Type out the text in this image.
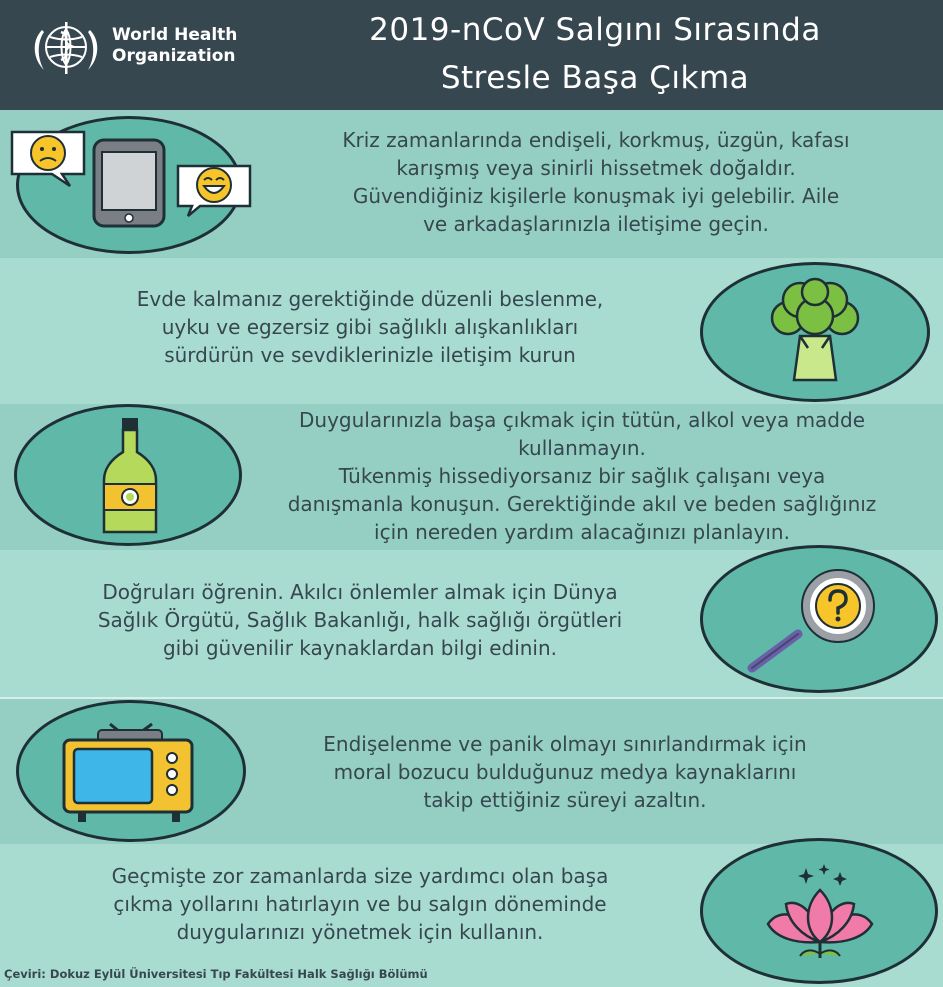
World Health
Organization
2019-nCoV Salgını Sırasında
Stresle Başa Çıkma
Kriz zamanlarında endişeli, korkmuş, üzgün, kafası
karışmış veya sinirli hissetmek doğaldır.
Güvendiğiniz kişilerle konuşmak iyi gelebilir. Aile
ve arkadaşlarınızla iletişime geçin.
Evde kalmanız gerektiğinde düzenli beslenme,
uyku ve egzersiz gibi sağlıklı alışkanlıkları
sürdürün ve sevdiklerinizle iletişim kurun
Duygularınızla başa çıkmak için tütün, alkol veya madde
kullanmayın.
Tükenmiş hissediyorsanız bir sağlık çalışanı veya
danışmanla konuşun. Gerektiğinde akıl ve beden sağlığınız
için nereden yardım alacağınızı planlayın.
Doğruları öğrenin. Akılcı önlemler almak için Dünya
Sağlık Örgütü, Sağlık Bakanlığı, halk sağlığı örgütleri
gibi güvenilir kaynaklardan bilgi edinin.
Endişelenme ve panik olmayı sınırlandırmak için
moral bozucu bulduğunuz medya kaynaklarını
takip ettiğiniz süreyi azaltın.
Geçmişte zor zamanlarda size yardımcı olan başa
çıkma yollarını hatırlayın ve bu salgın döneminde
duygularınızı yönetmek için kullanın.
Çeviri: Dokuz Eylül Üniversitesi Tıp Fakültesi Halk Sağlığı Bölümü
